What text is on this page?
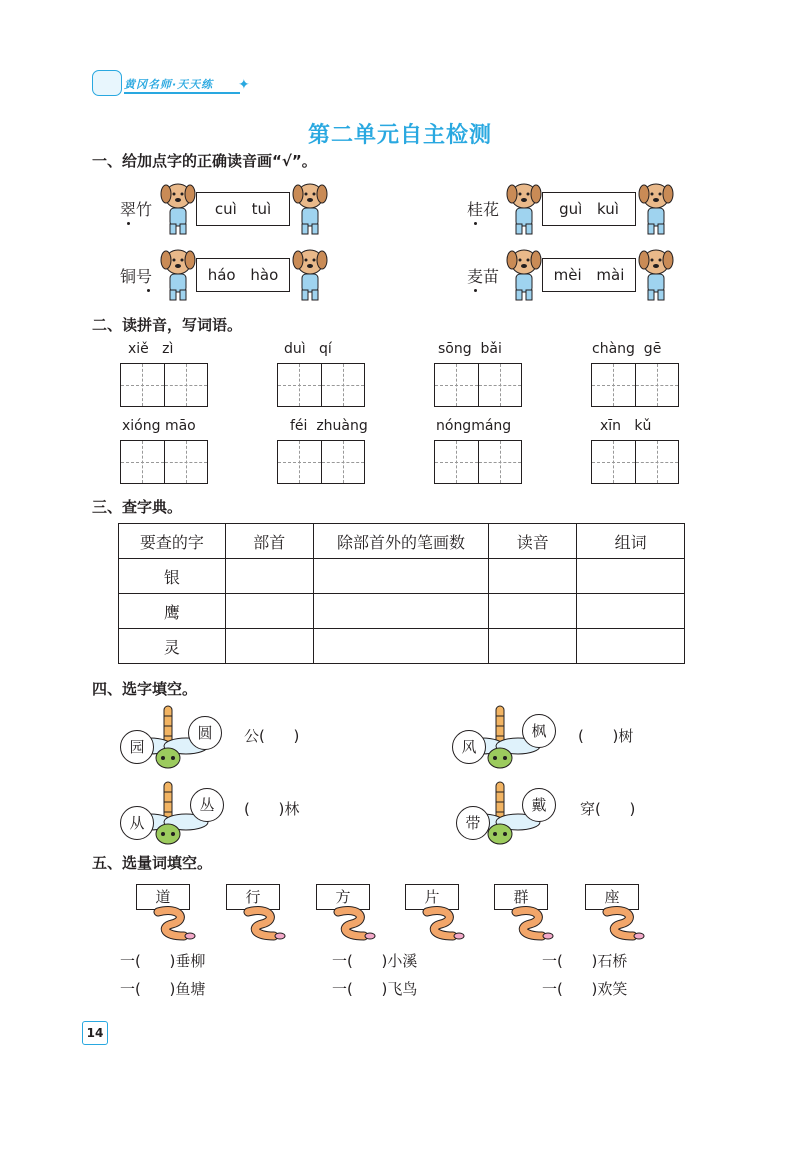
黄冈名师·天天练 ✦
第二单元自主检测
一、给加点字的正确读音画“√”。
翠竹	cuì tuì	桂花	guì kuì
铜号	háo hào	麦苗	mèi mài
二、读拼音，写词语。
xiě   zì	duì   qí	sōng  bǎi	chàng  gē
xióng māo	féi  zhuàng	nóngmáng	xīn   kǔ
三、查字典。
要查的字	部首	除部首外的笔画数	读音	组词
银				
鹰				
灵				
四、选字填空。
园
圆	公(      )
风
枫	(      )树
从
丛	(      )林
带
戴	穿(      )
五、选量词填空。
道	行	方	片	群	座
一(      )垂柳	一(      )小溪	一(      )石桥
一(      )鱼塘	一(      )飞鸟	一(      )欢笑
14
